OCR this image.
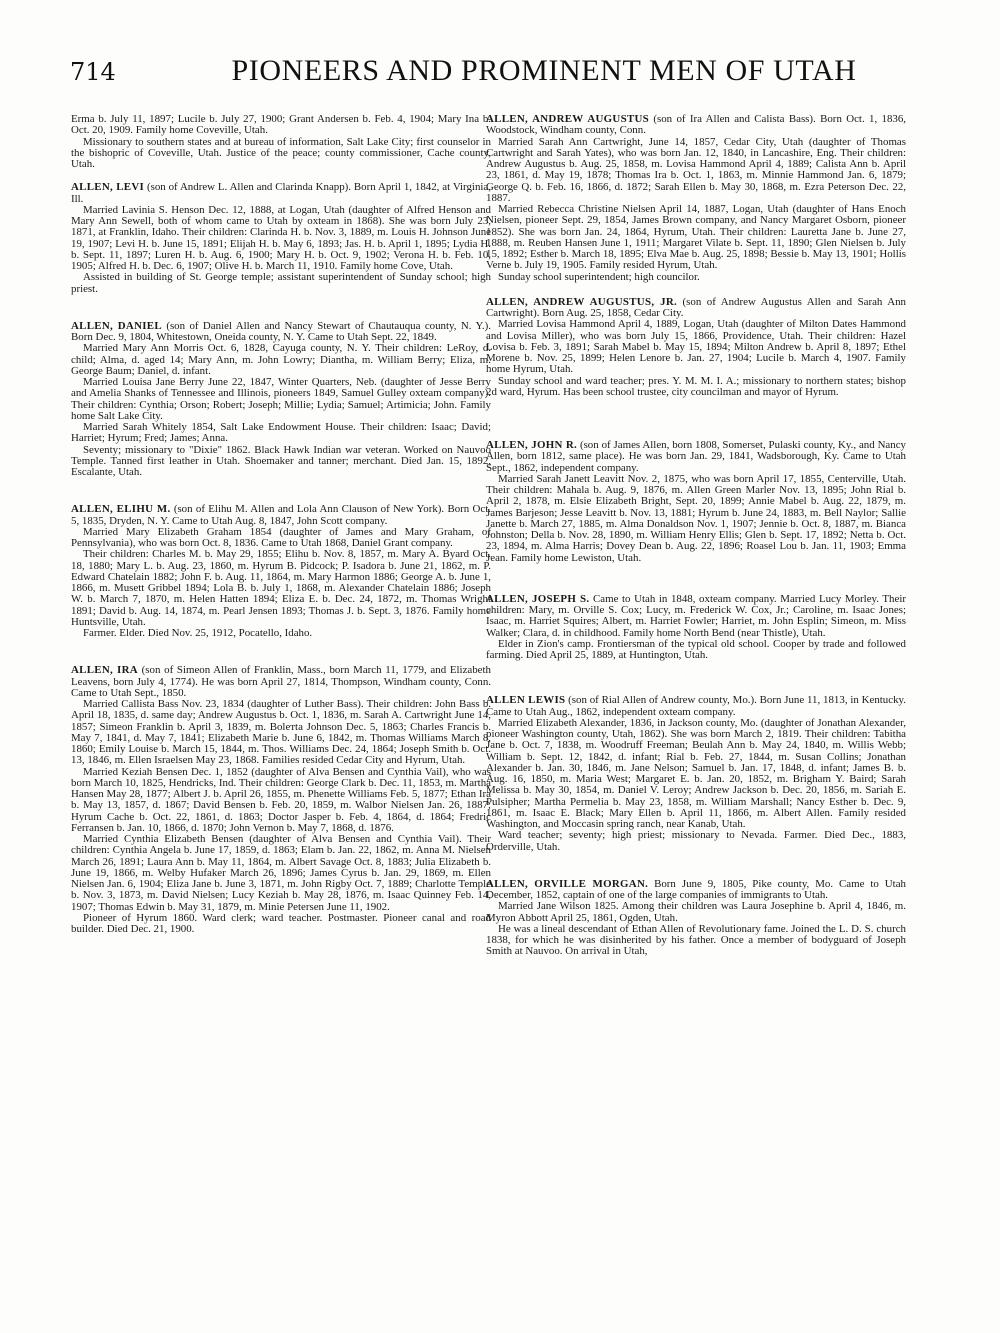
714	PIONEERS AND PROMINENT MEN OF UTAH

Erma b. July 11, 1897; Lucile b. July 27, 1900; Grant Andersen b. Feb. 4, 1904; Mary Ina b. Oct. 20, 1909. Family home Coveville, Utah.

Missionary to southern states and at bureau of information, Salt Lake City; first counselor in the bishopric of Coveville, Utah. Justice of the peace; county commissioner, Cache county, Utah.

ALLEN, LEVI (son of Andrew L. Allen and Clarinda Knapp). Born April 1, 1842, at Virginia, Ill.

Married Lavinia S. Henson Dec. 12, 1888, at Logan, Utah (daughter of Alfred Henson and Mary Ann Sewell, both of whom came to Utah by oxteam in 1868). She was born July 23, 1871, at Franklin, Idaho. Their children: Clarinda H. b. Nov. 3, 1889, m. Louis H. Johnson June 19, 1907; Levi H. b. June 15, 1891; Elijah H. b. May 6, 1893; Jas. H. b. April 1, 1895; Lydia H. b. Sept. 11, 1897; Luren H. b. Aug. 6, 1900; Mary H. b. Oct. 9, 1902; Verona H. b. Feb. 10, 1905; Alfred H. b. Dec. 6, 1907; Olive H. b. March 11, 1910. Family home Cove, Utah.

Assisted in building of St. George temple; assistant superintendent of Sunday school; high priest.

ALLEN, DANIEL (son of Daniel Allen and Nancy Stewart of Chautauqua county, N. Y.). Born Dec. 9, 1804, Whitestown, Oneida county, N. Y. Came to Utah Sept. 22, 1849.

Married Mary Ann Morris Oct. 6, 1828, Cayuga county, N. Y. Their children: LeRoy, d. child; Alma, d. aged 14; Mary Ann, m. John Lowry; Diantha, m. William Berry; Eliza, m. George Baum; Daniel, d. infant.

Married Louisa Jane Berry June 22, 1847, Winter Quarters, Neb. (daughter of Jesse Berry and Amelia Shanks of Tennessee and Illinois, pioneers 1849, Samuel Gulley oxteam company). Their children: Cynthia; Orson; Robert; Joseph; Millie; Lydia; Samuel; Artimicia; John. Family home Salt Lake City.

Married Sarah Whitely 1854, Salt Lake Endowment House. Their children: Isaac; David; Harriet; Hyrum; Fred; James; Anna.

Seventy; missionary to "Dixie" 1862. Black Hawk Indian war veteran. Worked on Nauvoo Temple. Tanned first leather in Utah. Shoemaker and tanner; merchant. Died Jan. 15, 1892, Escalante, Utah.

ALLEN, ELIHU M. (son of Elihu M. Allen and Lola Ann Clauson of New York). Born Oct. 5, 1835, Dryden, N. Y. Came to Utah Aug. 8, 1847, John Scott company.

Married Mary Elizabeth Graham 1854 (daughter of James and Mary Graham, of Pennsylvania), who was born Oct. 8, 1836. Came to Utah 1868, Daniel Grant company.

Their children: Charles M. b. May 29, 1855; Elihu b. Nov. 8, 1857, m. Mary A. Byard Oct. 18, 1880; Mary L. b. Aug. 23, 1860, m. Hyrum B. Pidcock; P. Isadora b. June 21, 1862, m. P. Edward Chatelain 1882; John F. b. Aug. 11, 1864, m. Mary Harmon 1886; George A. b. June 1, 1866, m. Musett Gribbel 1894; Lola B. b. July 1, 1868, m. Alexander Chatelain 1886; Joseph W. b. March 7, 1870, m. Helen Hatten 1894; Eliza E. b. Dec. 24, 1872, m. Thomas Wright 1891; David b. Aug. 14, 1874, m. Pearl Jensen 1893; Thomas J. b. Sept. 3, 1876. Family home Huntsville, Utah.

Farmer. Elder. Died Nov. 25, 1912, Pocatello, Idaho.

ALLEN, IRA (son of Simeon Allen of Franklin, Mass., born March 11, 1779, and Elizabeth Leavens, born July 4, 1774). He was born April 27, 1814, Thompson, Windham county, Conn. Came to Utah Sept., 1850.

Married Callista Bass Nov. 23, 1834 (daughter of Luther Bass). Their children: John Bass b. April 18, 1835, d. same day; Andrew Augustus b. Oct. 1, 1836, m. Sarah A. Cartwright June 14, 1857; Simeon Franklin b. April 3, 1839, m. Bolетta Johnson Dec. 5, 1863; Charles Francis b. May 7, 1841, d. May 7, 1841; Elizabeth Marie b. June 6, 1842, m. Thomas Williams March 8, 1860; Emily Louise b. March 15, 1844, m. Thos. Williams Dec. 24, 1864; Joseph Smith b. Oct. 13, 1846, m. Ellen Israelsen May 23, 1868. Families resided Cedar City and Hyrum, Utah.

Married Keziah Bensen Dec. 1, 1852 (daughter of Alva Bensen and Cynthia Vail), who was born March 10, 1825, Hendricks, Ind. Their children: George Clark b. Dec. 11, 1853, m. Martha Hansen May 28, 1877; Albert J. b. April 26, 1855, m. Phenette Williams Feb. 5, 1877; Ethan Ira b. May 13, 1857, d. 1867; David Bensen b. Feb. 20, 1859, m. Walbor Nielsen Jan. 26, 1887; Hyrum Cache b. Oct. 22, 1861, d. 1863; Doctor Jasper b. Feb. 4, 1864, d. 1864; Fredric Ferransen b. Jan. 10, 1866, d. 1870; John Vernon b. May 7, 1868, d. 1876.

Married Cynthia Elizabeth Bensen (daughter of Alva Bensen and Cynthia Vail). Their children: Cynthia Angela b. June 17, 1859, d. 1863; Elam b. Jan. 22, 1862, m. Anna M. Nielsen March 26, 1891; Laura Ann b. May 11, 1864, m. Albert Savage Oct. 8, 1883; Julia Elizabeth b. June 19, 1866, m. Welby Hufaker March 26, 1896; James Cyrus b. Jan. 29, 1869, m. Ellen Nielsen Jan. 6, 1904; Eliza Jane b. June 3, 1871, m. John Rigby Oct. 7, 1889; Charlotte Temple b. Nov. 3, 1873, m. David Nielsen; Lucy Keziah b. May 28, 1876, m. Isaac Quinney Feb. 14, 1907; Thomas Edwin b. May 31, 1879, m. Minie Petersen June 11, 1902.

Pioneer of Hyrum 1860. Ward clerk; ward teacher. Postmaster. Pioneer canal and road builder. Died Dec. 21, 1900.

ALLEN, ANDREW AUGUSTUS (son of Ira Allen and Calista Bass). Born Oct. 1, 1836, Woodstock, Windham county, Conn.

Married Sarah Ann Cartwright, June 14, 1857, Cedar City, Utah (daughter of Thomas Cartwright and Sarah Yates), who was born Jan. 12, 1840, in Lancashire, Eng. Their children: Andrew Augustus b. Aug. 25, 1858, m. Lovisa Hammond April 4, 1889; Calista Ann b. April 23, 1861, d. May 19, 1878; Thomas Ira b. Oct. 1, 1863, m. Minnie Hammond Jan. 6, 1879; George Q. b. Feb. 16, 1866, d. 1872; Sarah Ellen b. May 30, 1868, m. Ezra Peterson Dec. 22, 1887.

Married Rebecca Christine Nielsen April 14, 1887, Logan, Utah (daughter of Hans Enoch Nielsen, pioneer Sept. 29, 1854, James Brown company, and Nancy Margaret Osborn, pioneer 1852). She was born Jan. 24, 1864, Hyrum, Utah. Their children: Lauretta Jane b. June 27, 1888, m. Reuben Hansen June 1, 1911; Margaret Vilate b. Sept. 11, 1890; Glen Nielsen b. July 15, 1892; Esther b. March 18, 1895; Elva Mae b. Aug. 25, 1898; Bessie b. May 13, 1901; Hollis Verne b. July 19, 1905. Family resided Hyrum, Utah.

Sunday school superintendent; high councilor.

ALLEN, ANDREW AUGUSTUS, JR. (son of Andrew Augustus Allen and Sarah Ann Cartwright). Born Aug. 25, 1858, Cedar City.

Married Lovisa Hammond April 4, 1889, Logan, Utah (daughter of Milton Dates Hammond and Lovisa Miller), who was born July 15, 1866, Providence, Utah. Their children: Hazel Lovisa b. Feb. 3, 1891; Sarah Mabel b. May 15, 1894; Milton Andrew b. April 8, 1897; Ethel Morene b. Nov. 25, 1899; Helen Lenore b. Jan. 27, 1904; Lucile b. March 4, 1907. Family home Hyrum, Utah.

Sunday school and ward teacher; pres. Y. M. M. I. A.; missionary to northern states; bishop 2d ward, Hyrum. Has been school trustee, city councilman and mayor of Hyrum.

ALLEN, JOHN R. (son of James Allen, born 1808, Somerset, Pulaski county, Ky., and Nancy Allen, born 1812, same place). He was born Jan. 29, 1841, Wadsborough, Ky. Came to Utah Sept., 1862, independent company.

Married Sarah Janett Leavitt Nov. 2, 1875, who was born April 17, 1855, Centerville, Utah. Their children: Mahala b. Aug. 9, 1876, m. Allen Green Marler Nov. 13, 1895; John Rial b. April 2, 1878, m. Elsie Elizabeth Bright, Sept. 20, 1899; Annie Mabel b. Aug. 22, 1879, m. James Barjeson; Jesse Leavitt b. Nov. 13, 1881; Hyrum b. June 24, 1883, m. Bell Naylor; Sallie Janette b. March 27, 1885, m. Alma Donaldson Nov. 1, 1907; Jennie b. Oct. 8, 1887, m. Bianca Johnston; Della b. Nov. 28, 1890, m. William Henry Ellis; Glen b. Sept. 17, 1892; Netta b. Oct. 23, 1894, m. Alma Harris; Dovey Dean b. Aug. 22, 1896; Roasel Lou b. Jan. 11, 1903; Emma Jean. Family home Lewiston, Utah.

ALLEN, JOSEPH S. Came to Utah in 1848, oxteam company. Married Lucy Morley. Their children: Mary, m. Orville S. Cox; Lucy, m. Frederick W. Cox, Jr.; Caroline, m. Isaac Jones; Isaac, m. Harriet Squires; Albert, m. Harriet Fowler; Harriet, m. John Esplin; Simeon, m. Miss Walker; Clara, d. in childhood. Family home North Bend (near Thistle), Utah.

Elder in Zion's camp. Frontiersman of the typical old school. Cooper by trade and followed farming. Died April 25, 1889, at Huntington, Utah.

ALLEN LEWIS (son of Rial Allen of Andrew county, Mo.). Born June 11, 1813, in Kentucky. Came to Utah Aug., 1862, independent oxteam company.

Married Elizabeth Alexander, 1836, in Jackson county, Mo. (daughter of Jonathan Alexander, pioneer Washington county, Utah, 1862). She was born March 2, 1819. Their children: Tabitha Jane b. Oct. 7, 1838, m. Woodruff Freeman; Beulah Ann b. May 24, 1840, m. Willis Webb; William b. Sept. 12, 1842, d. infant; Rial b. Feb. 27, 1844, m. Susan Collins; Jonathan Alexander b. Jan. 30, 1846, m. Jane Nelson; Samuel b. Jan. 17, 1848, d. infant; James B. b. Aug. 16, 1850, m. Maria West; Margaret E. b. Jan. 20, 1852, m. Brigham Y. Baird; Sarah Melissa b. May 30, 1854, m. Daniel V. Leroy; Andrew Jackson b. Dec. 20, 1856, m. Sariah E. Pulsipher; Martha Permelia b. May 23, 1858, m. William Marshall; Nancy Esther b. Dec. 9, 1861, m. Isaac E. Black; Mary Ellen b. April 11, 1866, m. Albert Allen. Family resided Washington, and Moccasin spring ranch, near Kanab, Utah.

Ward teacher; seventy; high priest; missionary to Nevada. Farmer. Died Dec., 1883, Orderville, Utah.

ALLEN, ORVILLE MORGAN. Born June 9, 1805, Pike county, Mo. Came to Utah December, 1852, captain of one of the large companies of immigrants to Utah.

Married Jane Wilson 1825. Among their children was Laura Josephine b. April 4, 1846, m. Myron Abbott April 25, 1861, Ogden, Utah.

He was a lineal descendant of Ethan Allen of Revolutionary fame. Joined the L. D. S. church 1838, for which he was disinherited by his father. Once a member of bodyguard of Joseph Smith at Nauvoo. On arrival in Utah,
